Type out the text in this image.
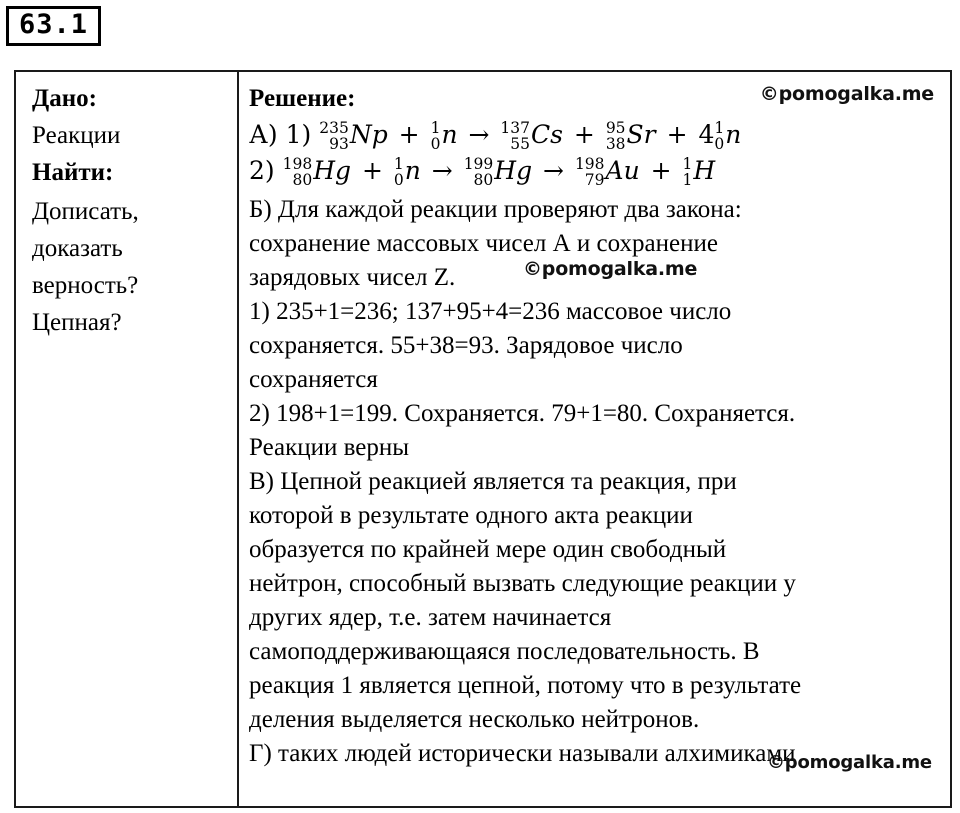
63.1
Дано:
Реакции
Найти:
Дописать,
доказать
верность?
Цепная?
Решение:	©pomogalka.me
©pomogalka.me
©pomogalka.me
А) 1) 235
93 Np + 1
0 n → 137
55 Cs + 95
38 Sr + 4 1
0 n
2) 198
80 Hg + 1
0 n → 199
80 Hg → 198
79 Au + 1
1 H
Б) Для каждой реакции проверяют два закона:
сохранение массовых чисел А и сохранение
зарядовых чисел Z.
1) 235+1=236; 137+95+4=236 массовое число
сохраняется. 55+38=93. Зарядовое число
сохраняется
2) 198+1=199. Сохраняется. 79+1=80. Сохраняется.
Реакции верны
В) Цепной реакцией является та реакция, при
которой в результате одного акта реакции
образуется по крайней мере один свободный
нейтрон, способный вызвать следующие реакции у
других ядер, т.е. затем начинается
самоподдерживающаяся последовательность. В
реакция 1 является цепной, потому что в результате
деления выделяется несколько нейтронов.
Г) таких людей исторически называли алхимиками
